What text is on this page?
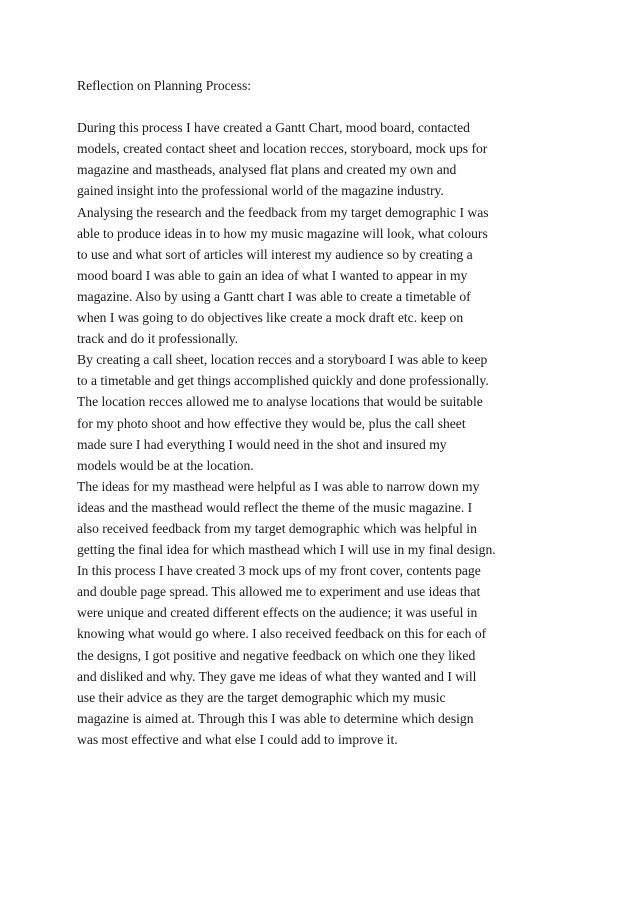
Reflection on Planning Process:

During this process I have created a Gantt Chart, mood board, contacted
models, created contact sheet and location recces, storyboard, mock ups for
magazine and mastheads, analysed flat plans and created my own and
gained insight into the professional world of the magazine industry.

Analysing the research and the feedback from my target demographic I was
able to produce ideas in to how my music magazine will look, what colours
to use and what sort of articles will interest my audience so by creating a
mood board I was able to gain an idea of what I wanted to appear in my
magazine. Also by using a Gantt chart I was able to create a timetable of
when I was going to do objectives like create a mock draft etc. keep on
track and do it professionally.

By creating a call sheet, location recces and a storyboard I was able to keep
to a timetable and get things accomplished quickly and done professionally.
The location recces allowed me to analyse locations that would be suitable
for my photo shoot and how effective they would be, plus the call sheet
made sure I had everything I would need in the shot and insured my
models would be at the location.

The ideas for my masthead were helpful as I was able to narrow down my
ideas and the masthead would reflect the theme of the music magazine. I
also received feedback from my target demographic which was helpful in
getting the final idea for which masthead which I will use in my final design.

In this process I have created 3 mock ups of my front cover, contents page
and double page spread. This allowed me to experiment and use ideas that
were unique and created different effects on the audience; it was useful in
knowing what would go where. I also received feedback on this for each of
the designs, I got positive and negative feedback on which one they liked
and disliked and why. They gave me ideas of what they wanted and I will
use their advice as they are the target demographic which my music
magazine is aimed at. Through this I was able to determine which design
was most effective and what else I could add to improve it.
